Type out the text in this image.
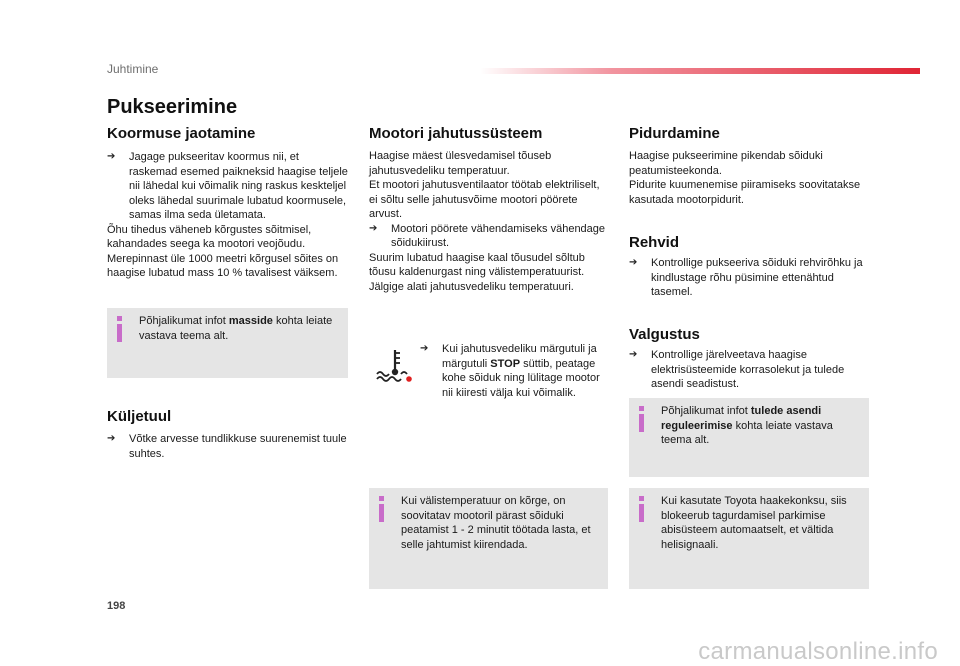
Juhtimine
Pukseerimine
Koormuse jaotamine

➔ Jagage pukseeritav koormus nii, et raskemad esemed paikneksid haagise teljele nii lähedal kui võimalik ning raskus keskteljel oleks lähedal suurimale lubatud koormusele, samas ilma seda ületamata.

Õhu tihedus väheneb kõrgustes sõitmisel, kahandades seega ka mootori veojõudu. Merepinnast üle 1000 meetri kõrgusel sõites on haagise lubatud mass 10 % tavalisest väiksem.

Põhjalikumat infot masside kohta leiate vastava teema alt.
Küljetuul

➔ Võtke arvesse tundlikkuse suurenemist tuule suhtes.

Mootori jahutussüsteem

Haagise mäest ülesvedamisel tõuseb jahutusvedeliku temperatuur.

Et mootori jahutusventilaator töötab elektriliselt, ei sõltu selle jahutusvõime mootori pöörete arvust.

➔ Mootori pöörete vähendamiseks vähendage sõidukiirust.

Suurim lubatud haagise kaal tõusudel sõltub tõusu kaldenurgast ning välistemperatuurist.

Jälgige alati jahutusvedeliku temperatuuri.

➔ Kui jahutusvedeliku märgutuli ja märgutuli STOP süttib, peatage kohe sõiduk ning lülitage mootor nii kiiresti välja kui võimalik.

Kui välistemperatuur on kõrge, on soovitatav mootoril pärast sõiduki peatamist 1 - 2 minutit töötada lasta, et selle jahtumist kiirendada.
Pidurdamine

Haagise pukseerimine pikendab sõiduki peatumisteekonda.

Pidurite kuumenemise piiramiseks soovitatakse kasutada mootorpidurit.

Rehvid

➔ Kontrollige pukseeriva sõiduki rehvirõhku ja kindlustage rõhu püsimine ettenähtud tasemel.

Valgustus

➔ Kontrollige järelveetava haagise elektrisüsteemide korrasolekut ja tulede asendi seadistust.

Põhjalikumat infot tulede asendi reguleerimise kohta leiate vastava teema alt.
Kui kasutate Toyota haakekonksu, siis blokeerub tagurdamisel parkimise abisüsteem automaatselt, et vältida helisignaali.
198
carmanualsonline.info
